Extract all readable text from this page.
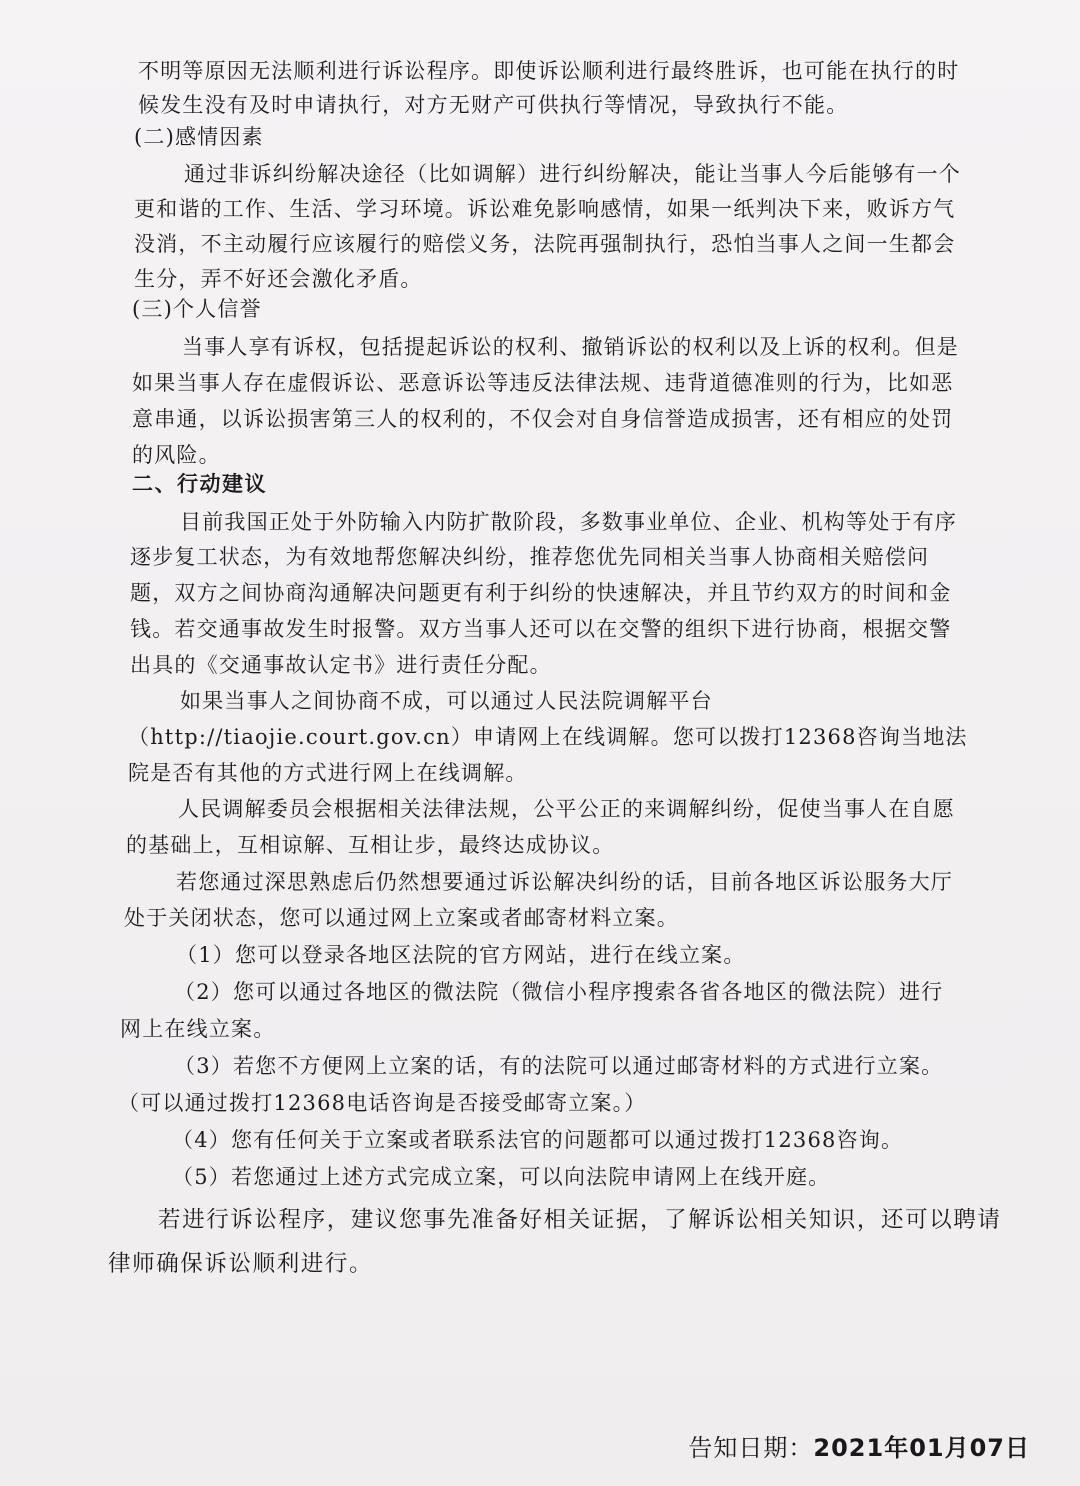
不明等原因无法顺利进行诉讼程序。即使诉讼顺利进行最终胜诉，也可能在执行的时
候发生没有及时申请执行，对方无财产可供执行等情况，导致执行不能。
(二)感情因素
通过非诉纠纷解决途径（比如调解）进行纠纷解决，能让当事人今后能够有一个
更和谐的工作、生活、学习环境。诉讼难免影响感情，如果一纸判决下来，败诉方气
没消，不主动履行应该履行的赔偿义务，法院再强制执行，恐怕当事人之间一生都会
生分，弄不好还会激化矛盾。
(三)个人信誉
当事人享有诉权，包括提起诉讼的权利、撤销诉讼的权利以及上诉的权利。但是
如果当事人存在虚假诉讼、恶意诉讼等违反法律法规、违背道德准则的行为，比如恶
意串通，以诉讼损害第三人的权利的，不仅会对自身信誉造成损害，还有相应的处罚
的风险。
二、行动建议
目前我国正处于外防输入内防扩散阶段，多数事业单位、企业、机构等处于有序
逐步复工状态，为有效地帮您解决纠纷，推荐您优先同相关当事人协商相关赔偿问
题，双方之间协商沟通解决问题更有利于纠纷的快速解决，并且节约双方的时间和金
钱。若交通事故发生时报警。双方当事人还可以在交警的组织下进行协商，根据交警
出具的《交通事故认定书》进行责任分配。
如果当事人之间协商不成，可以通过人民法院调解平台
（http://tiaojie.court.gov.cn）申请网上在线调解。您可以拨打12368咨询当地法
院是否有其他的方式进行网上在线调解。
人民调解委员会根据相关法律法规，公平公正的来调解纠纷，促使当事人在自愿
的基础上，互相谅解、互相让步，最终达成协议。
若您通过深思熟虑后仍然想要通过诉讼解决纠纷的话，目前各地区诉讼服务大厅
处于关闭状态，您可以通过网上立案或者邮寄材料立案。
（1）您可以登录各地区法院的官方网站，进行在线立案。
（2）您可以通过各地区的微法院（微信小程序搜索各省各地区的微法院）进行
网上在线立案。
（3）若您不方便网上立案的话，有的法院可以通过邮寄材料的方式进行立案。
（可以通过拨打12368电话咨询是否接受邮寄立案。）
（4）您有任何关于立案或者联系法官的问题都可以通过拨打12368咨询。
（5）若您通过上述方式完成立案，可以向法院申请网上在线开庭。
若进行诉讼程序，建议您事先准备好相关证据，了解诉讼相关知识，还可以聘请
律师确保诉讼顺利进行。
告知日期：2021年01月07日
